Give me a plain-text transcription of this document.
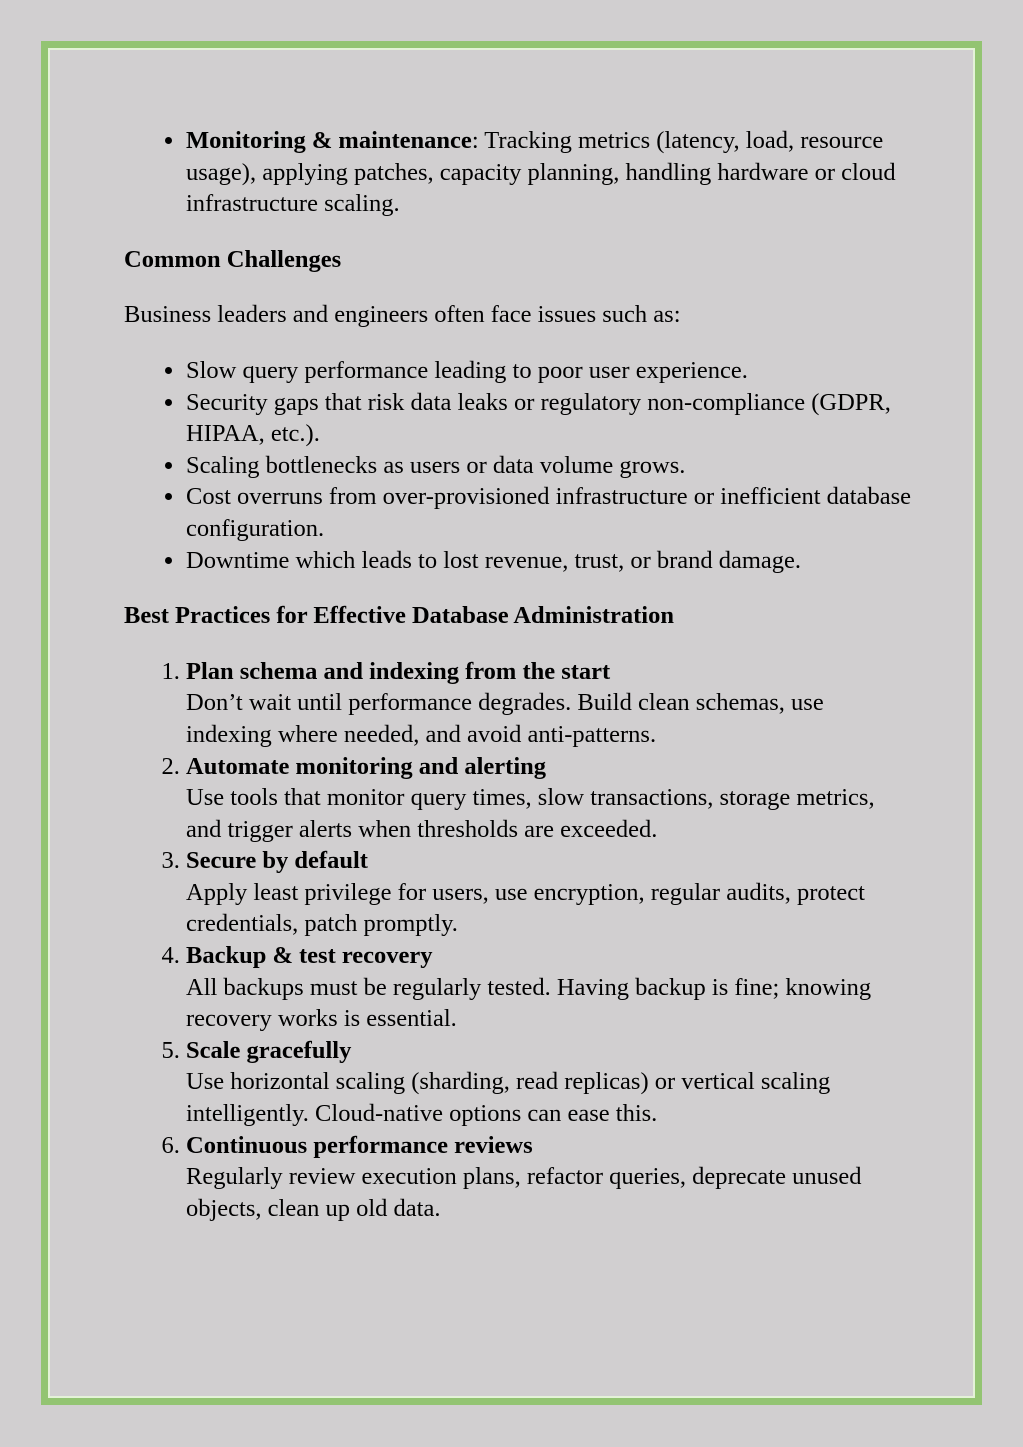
• Monitoring & maintenance: Tracking metrics (latency, load, resource usage), applying patches, capacity planning, handling hardware or cloud infrastructure scaling.
Common Challenges

Business leaders and engineers often face issues such as:

• Slow query performance leading to poor user experience.
• Security gaps that risk data leaks or regulatory non-compliance (GDPR, HIPAA, etc.).
• Scaling bottlenecks as users or data volume grows.
• Cost overruns from over-provisioned infrastructure or inefficient database configuration.
• Downtime which leads to lost revenue, trust, or brand damage.
Best Practices for Effective Database Administration
1. Plan schema and indexing from the start
Don’t wait until performance degrades. Build clean schemas, use indexing where needed, and avoid anti-patterns.
2. Automate monitoring and alerting
Use tools that monitor query times, slow transactions, storage metrics, and trigger alerts when thresholds are exceeded.
3. Secure by default
Apply least privilege for users, use encryption, regular audits, protect credentials, patch promptly.
4. Backup & test recovery
All backups must be regularly tested. Having backup is fine; knowing recovery works is essential.
5. Scale gracefully
Use horizontal scaling (sharding, read replicas) or vertical scaling intelligently. Cloud-native options can ease this.
6. Continuous performance reviews
Regularly review execution plans, refactor queries, deprecate unused objects, clean up old data.
